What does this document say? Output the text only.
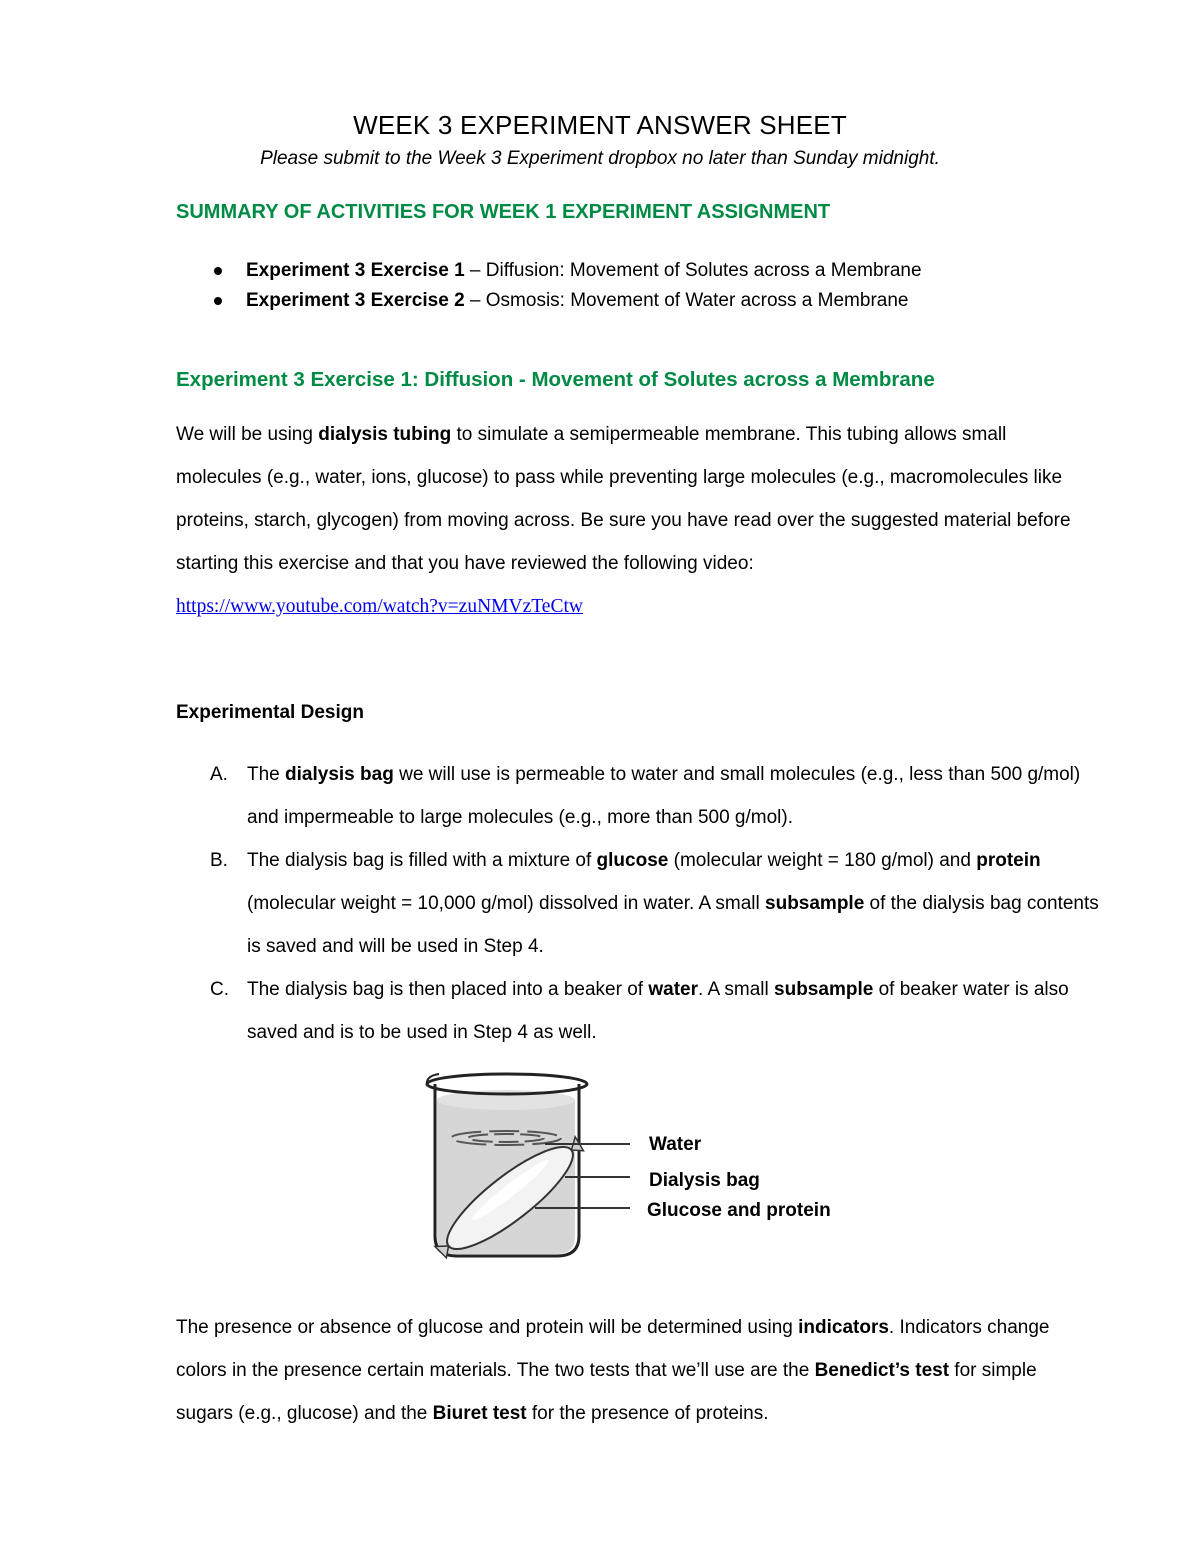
WEEK 3 EXPERIMENT ANSWER SHEET
Please submit to the Week 3 Experiment dropbox no later than Sunday midnight.
SUMMARY OF ACTIVITIES FOR WEEK 1 EXPERIMENT ASSIGNMENT
Experiment 3 Exercise 1 – Diffusion: Movement of Solutes across a Membrane
Experiment 3 Exercise 2 – Osmosis: Movement of Water across a Membrane
Experiment 3 Exercise 1: Diffusion - Movement of Solutes across a Membrane
We will be using dialysis tubing to simulate a semipermeable membrane. This tubing allows small molecules (e.g., water, ions, glucose) to pass while preventing large molecules (e.g., macromolecules like proteins, starch, glycogen) from moving across. Be sure you have read over the suggested material before starting this exercise and that you have reviewed the following video:
https://www.youtube.com/watch?v=zuNMVzTeCtw
Experimental Design
A. The dialysis bag we will use is permeable to water and small molecules (e.g., less than 500 g/mol) and impermeable to large molecules (e.g., more than 500 g/mol).
B. The dialysis bag is filled with a mixture of glucose (molecular weight = 180 g/mol) and protein (molecular weight = 10,000 g/mol) dissolved in water. A small subsample of the dialysis bag contents is saved and will be used in Step 4.
C. The dialysis bag is then placed into a beaker of water. A small subsample of beaker water is also saved and is to be used in Step 4 as well.
Water
Dialysis bag
Glucose and protein
The presence or absence of glucose and protein will be determined using indicators. Indicators change colors in the presence certain materials. The two tests that we’ll use are the Benedict’s test for simple sugars (e.g., glucose) and the Biuret test for the presence of proteins.
